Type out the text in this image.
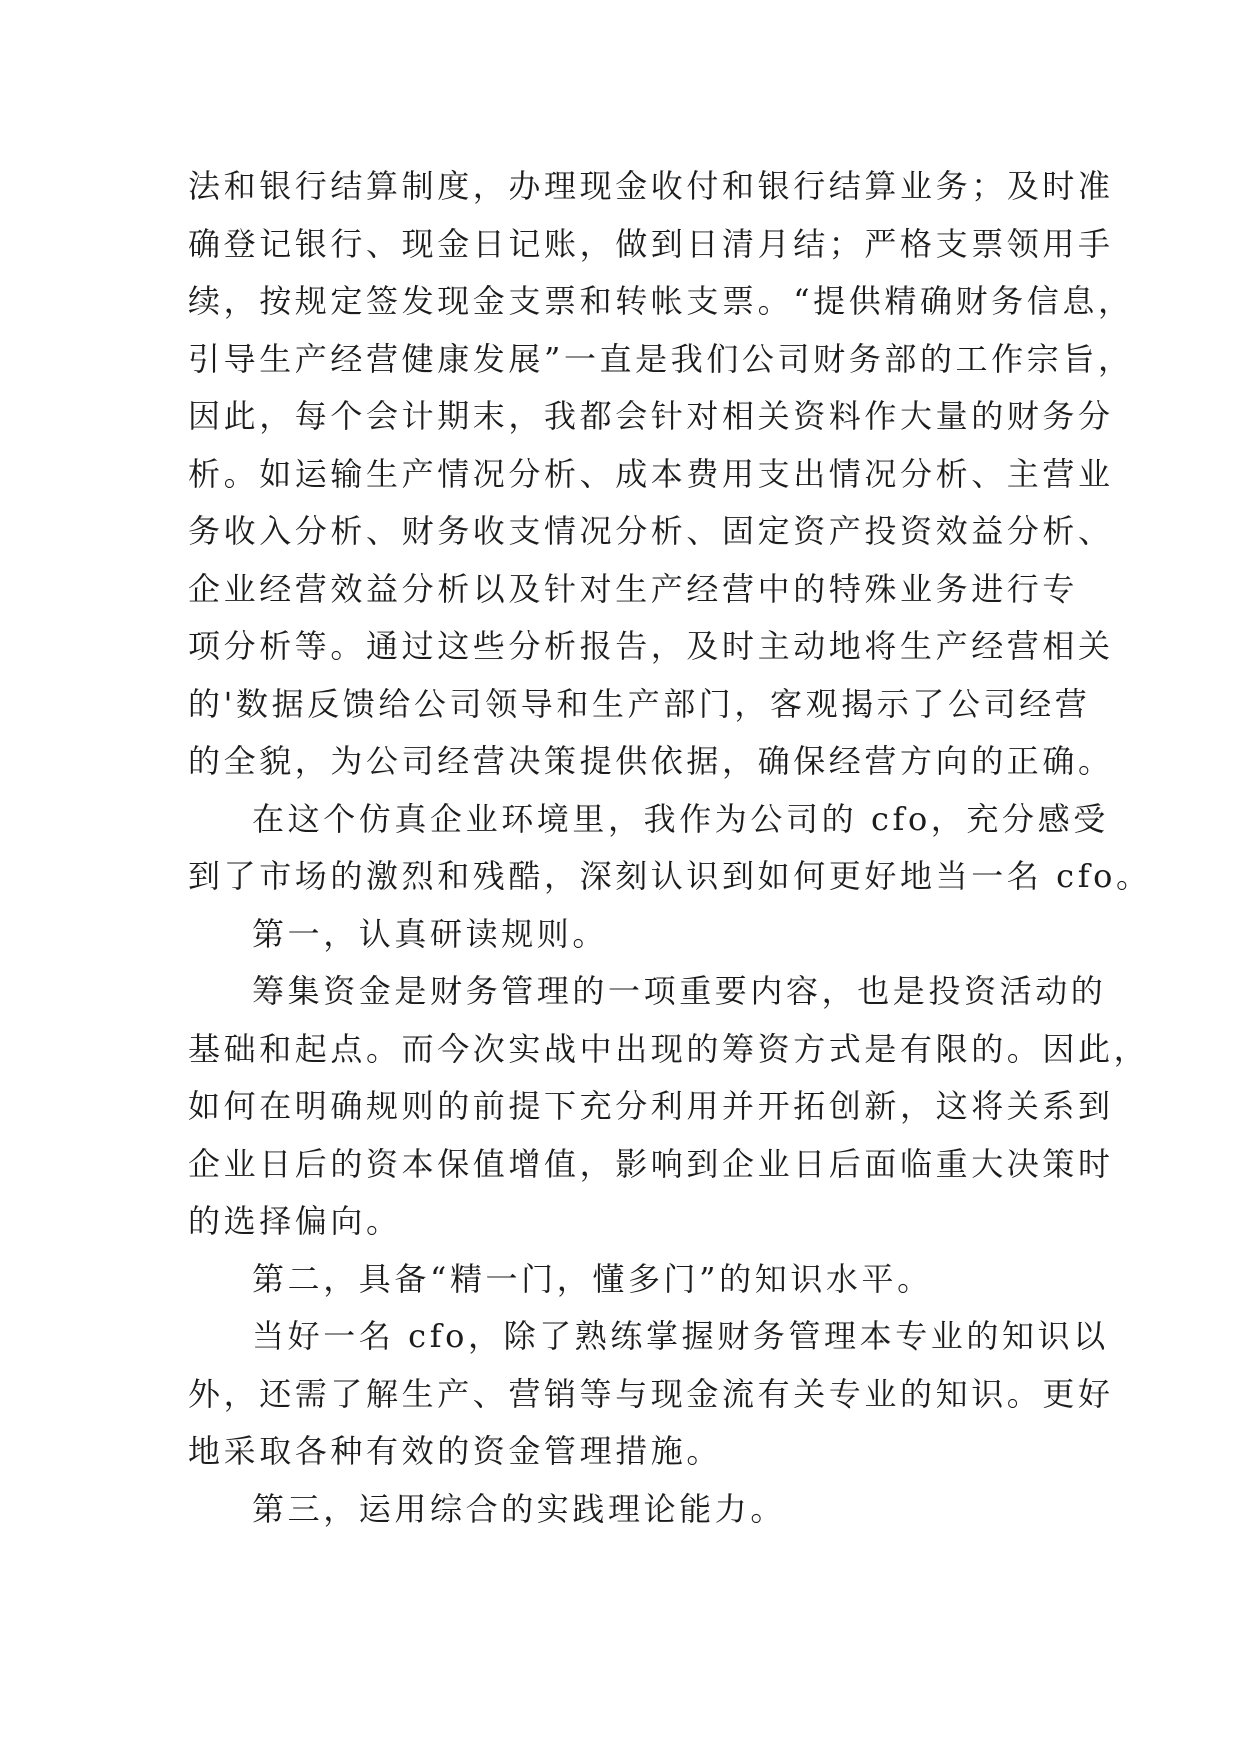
法和银行结算制度，办理现金收付和银行结算业务；及时准
确登记银行、现金日记账，做到日清月结；严格支票领用手
续，按规定签发现金支票和转帐支票。“提供精确财务信息，
引导生产经营健康发展”一直是我们公司财务部的工作宗旨，
因此，每个会计期末，我都会针对相关资料作大量的财务分
析。如运输生产情况分析、成本费用支出情况分析、主营业
务收入分析、财务收支情况分析、固定资产投资效益分析、
企业经营效益分析以及针对生产经营中的特殊业务进行专
项分析等。通过这些分析报告，及时主动地将生产经营相关
的'数据反馈给公司领导和生产部门，客观揭示了公司经营
的全貌，为公司经营决策提供依据，确保经营方向的正确。
在这个仿真企业环境里，我作为公司的 cfo，充分感受
到了市场的激烈和残酷，深刻认识到如何更好地当一名 cfo。
第一，认真研读规则。
筹集资金是财务管理的一项重要内容，也是投资活动的
基础和起点。而今次实战中出现的筹资方式是有限的。因此，
如何在明确规则的前提下充分利用并开拓创新，这将关系到
企业日后的资本保值增值，影响到企业日后面临重大决策时
的选择偏向。
第二，具备“精一门，懂多门”的知识水平。
当好一名 cfo，除了熟练掌握财务管理本专业的知识以
外，还需了解生产、营销等与现金流有关专业的知识。更好
地采取各种有效的资金管理措施。
第三，运用综合的实践理论能力。
